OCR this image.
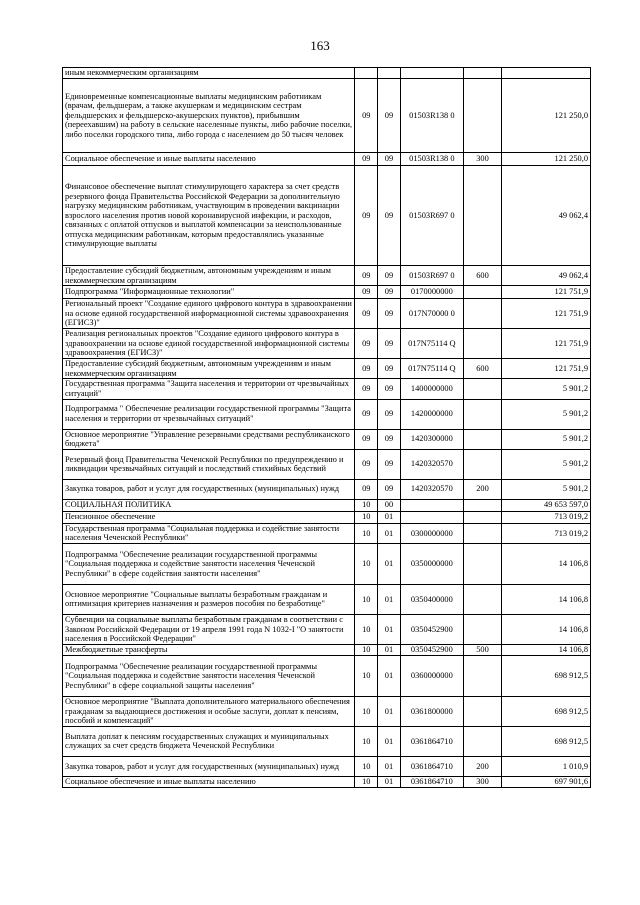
163
иным некоммерческим организациям					
Единовременные компенсационные выплаты медицинским работникам (врачам, фельдшерам, а также акушеркам и медицинским сестрам фельдшерских и фельдшерско-акушерских пунктов), прибывшим (переехавшим) на работу в сельские населенные пункты, либо рабочие поселки, либо поселки городского типа, либо города с населением до 50 тысяч человек	09	09	01503R138 0		121 250,0
Социальное обеспечение и иные выплаты населению	09	09	01503R138 0	300	121 250,0
Финансовое обеспечение выплат стимулирующего характера за счет средств резервного фонда Правительства Российской Федерации за дополнительную нагрузку медицинским работникам, участвующим в проведении вакцинации взрослого населения против новой коронавирусной инфекции, и расходов, связанных с оплатой отпусков и выплатой компенсации за неиспользованные отпуска медицинским работникам, которым предоставлялись указанные стимулирующие выплаты	09	09	01503R697 0		49 062,4
Предоставление субсидий бюджетным, автономным учреждениям и иным некоммерческим организациям	09	09	01503R697 0	600	49 062,4
Подпрограмма "Информационные технологии"	09	09	0170000000		121 751,9
Региональный проект "Создание единого цифрового контура в здравоохранении на основе единой государственной информационной системы здравоохранения (ЕГИСЗ)"	09	09	017N70000 0		121 751,9
Реализация региональных проектов "Создание единого цифрового контура в здравоохранении на основе единой государственной информационной системы здравоохранения (ЕГИСЗ)"	09	09	017N75114 Q		121 751,9
Предоставление субсидий бюджетным, автономным учреждениям и иным некоммерческим организациям	09	09	017N75114 Q	600	121 751,9
Государственная программа "Защита населения и территории от чрезвычайных ситуаций"	09	09	1400000000		5 901,2
Подпрограмма " Обеспечение реализации государственной программы "Защита населения и территории от чрезвычайных ситуаций"	09	09	1420000000		5 901,2
Основное мероприятие "Управление резервными средствами республиканского бюджета"	09	09	1420300000		5 901,2
Резервный фонд Правительства Чеченской Республики по предупреждению и ликвидации чрезвычайных ситуаций и последствий стихийных бедствий	09	09	1420320570		5 901,2
Закупка товаров, работ и услуг для государственных (муниципальных) нужд	09	09	1420320570	200	5 901,2
СОЦИАЛЬНАЯ ПОЛИТИКА	10	00			49 653 597,0
Пенсионное обеспечение	10	01			713 019,2
Государственная программа "Социальная поддержка и содействие занятости населения Чеченской Республики"	10	01	0300000000		713 019,2
Подпрограмма "Обеспечение реализации государственной программы "Социальная поддержка и содействие занятости населения Чеченской Республики" в сфере содействия занятости населения"	10	01	0350000000		14 106,8
Основное мероприятие "Социальные выплаты безработным гражданам и оптимизация критериев назначения и размеров пособия по безработице"	10	01	0350400000		14 106,8
Субвенции на социальные выплаты безработным гражданам в соответствии с Законом Российской Федерации от 19 апреля 1991 года N 1032-I "О занятости населения в Российской Федерации"	10	01	0350452900		14 106,8
Межбюджетные трансферты	10	01	0350452900	500	14 106,8
Подпрограмма "Обеспечение реализации государственной программы "Социальная поддержка и содействие занятости населения Чеченской Республики" в сфере социальной защиты населения"	10	01	0360000000		698 912,5
Основное мероприятие "Выплата дополнительного материального обеспечения гражданам за выдающиеся достижения и особые заслуги, доплат к пенсиям, пособий и компенсаций"	10	01	0361800000		698 912,5
Выплата доплат к пенсиям государственных служащих и муниципальных служащих за счет средств бюджета Чеченской Республики	10	01	0361864710		698 912,5
Закупка товаров, работ и услуг для государственных (муниципальных) нужд	10	01	0361864710	200	1 010,9
Социальное обеспечение и иные выплаты населению	10	01	0361864710	300	697 901,6
